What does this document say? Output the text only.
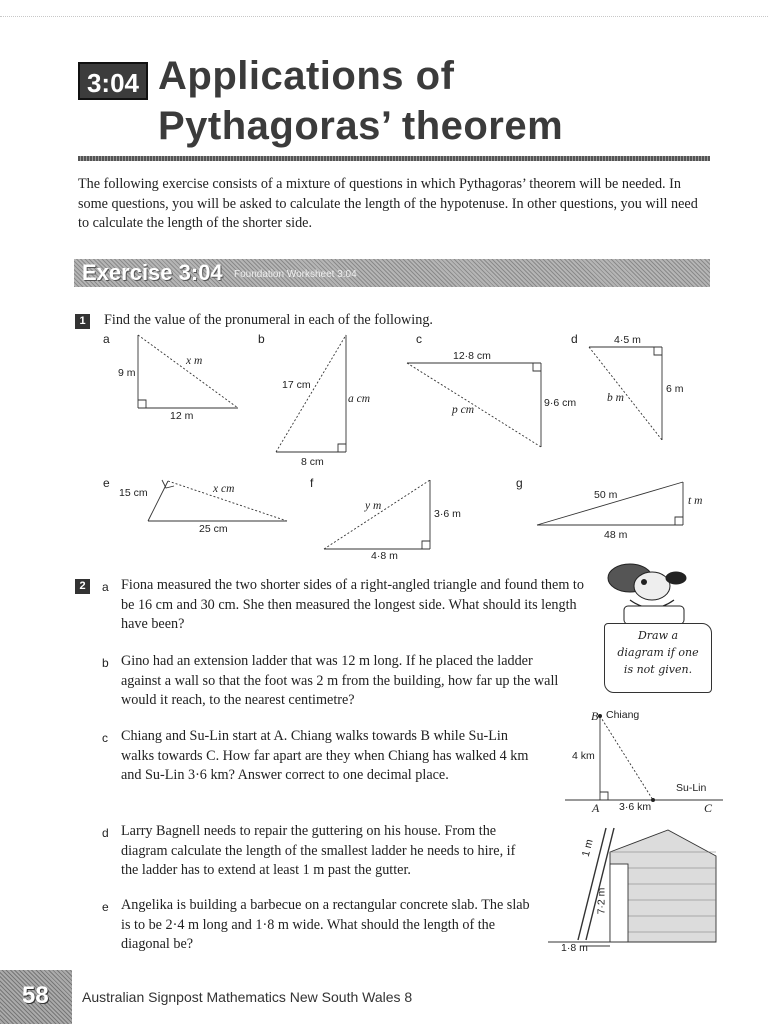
3:04 Applications of
Pythagoras’ theorem

The following exercise consists of a mixture of questions in which Pythagoras’ theorem will be needed. In some questions, you will be asked to calculate the length of the hypotenuse. In other questions, you will need to calculate the length of the shorter side.

Exercise 3:04 Foundation Worksheet 3:04
1	Find the value of the pronumeral in each of the following.
a
9 m
12 m
x m
b
17 cm
8 cm
a cm
c
12·8 cm
9·6 cm
p cm
d	4·5 m
6 m
b m
e
15 cm
25 cm
x cm	f
3·6 m
4·8 m
y m
g
50 m
48 m
t m
2	a Fiona measured the two shorter sides of a right-angled triangle and found them to be 16 cm and 30 cm. She then measured the longest side. What should its length have been?

b Gino had an extension ladder that was 12 m long. If he placed the ladder against a wall so that the foot was 2 m from the building, how far up the wall would it reach, to the nearest centimetre?

c Chiang and Su-Lin start at A. Chiang walks towards B while Su-Lin walks towards C. How far apart are they when Chiang has walked 4 km and Su-Lin 3·6 km? Answer correct to one decimal place.

d Larry Bagnell needs to repair the guttering on his house. From the diagram calculate the length of the smallest ladder he needs to hire, if the ladder has to extend at least 1 m past the gutter.

e Angelika is building a barbecue on a rectangular concrete slab. The slab is to be 2·4 m long and 1·8 m wide. What should the length of the diagonal be?

Draw a
diagram if one
is not given.
B Chiang
4 km
Su-Lin
A 3·6 km	C
1 m
7·2 m
1·8 m
58 Australian Signpost Mathematics New South Wales 8
